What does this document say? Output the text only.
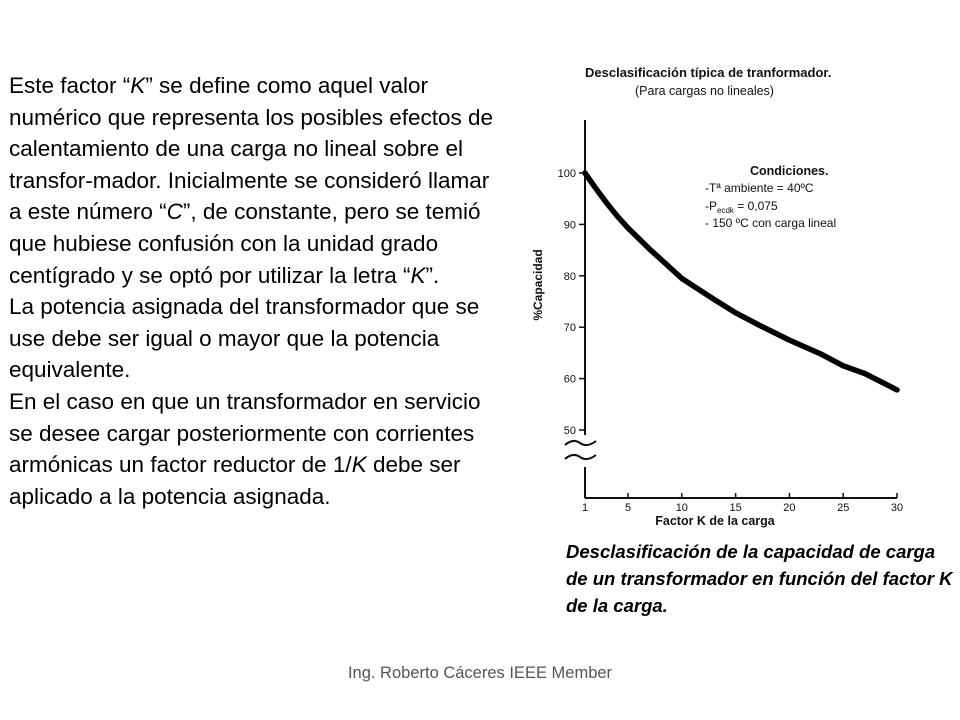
Este factor “K” se define como aquel valor numérico que representa los posibles efectos de calentamiento de una carga no lineal sobre el transfor-mador. Inicialmente se consideró llamar a este número “C”, de constante, pero se temió que hubiese confusión con la unidad grado centígrado y se optó por utilizar la letra “K”.

La potencia asignada del transformador que se use debe ser igual o mayor que la potencia equivalente.

En el caso en que un transformador en servicio se desee cargar posteriormente con corrientes armónicas un factor reductor de 1/K debe ser aplicado a la potencia asignada.

Desclasificación típica de tranformador.
(Para cargas no lineales)
50
60
70
80
90
100
1	5	10	15	20	25	30
%Capacidad
Factor K de la carga
Condiciones.
-Tª ambiente = 40ºC
$-P_{ecdk} = 0,075$
- 150 ºC con carga lineal
Desclasificación de la capacidad de carga de un transformador en función del factor K de la carga.
Ing. Roberto Cáceres IEEE Member
